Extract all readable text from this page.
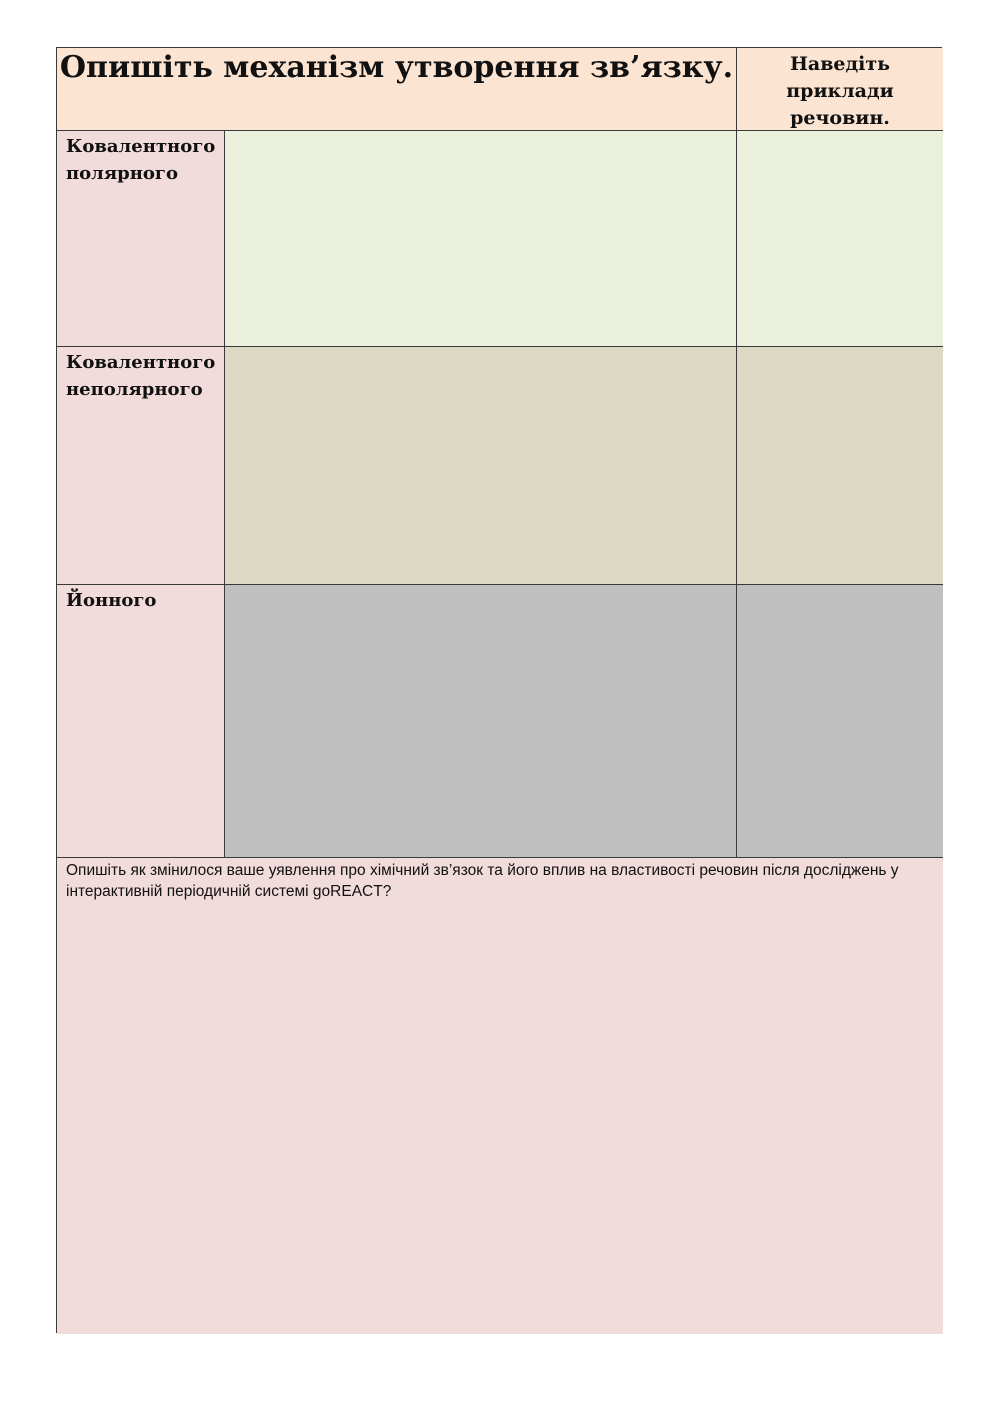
Опишіть механізм утворення зв’язку.	Наведіть
приклади
речовин.
Ковалентного
полярного
Ковалентного
неполярного
Йонного
Опишіть як змінилося ваше уявлення про хімічний зв’язок та його вплив на властивості речовин після досліджень у інтерактивній періодичній системі goREACT?
